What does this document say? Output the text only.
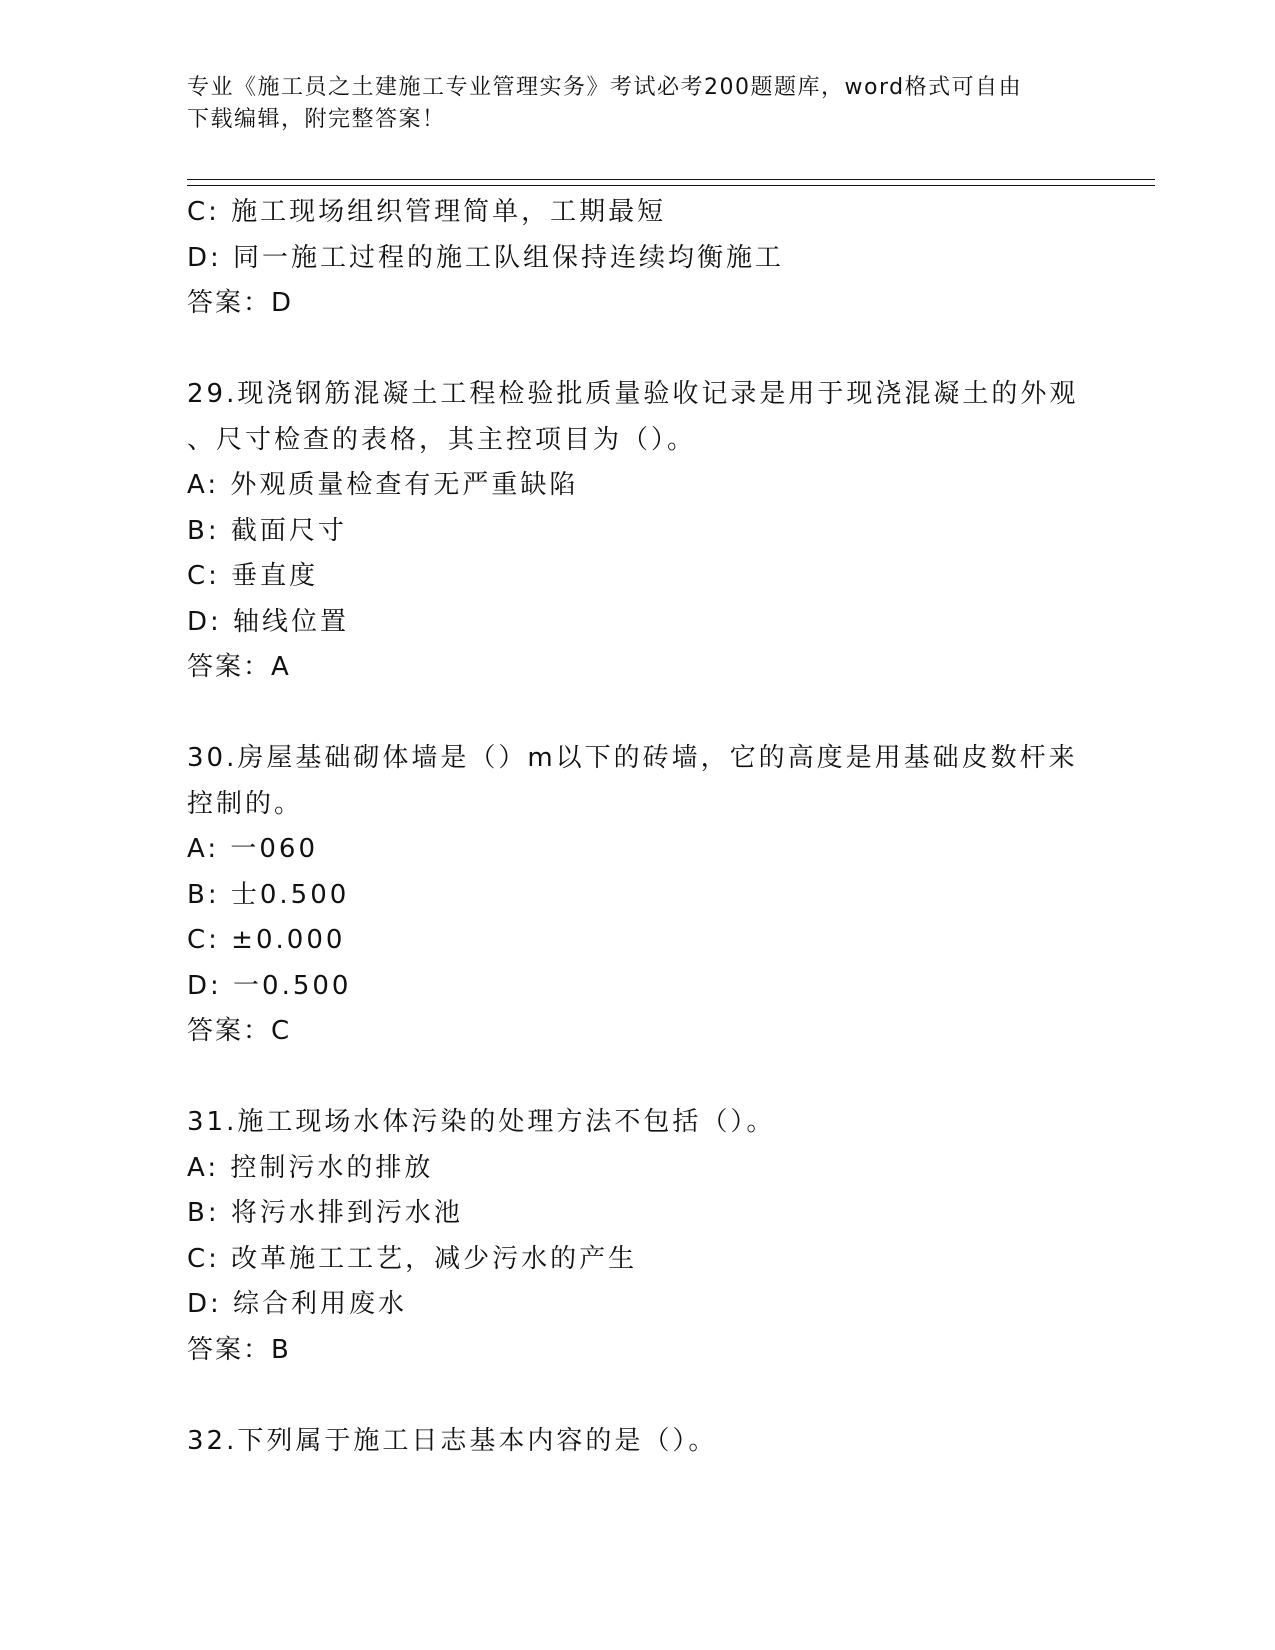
专业《施工员之土建施工专业管理实务》考试必考200题题库，word格式可自由
下载编辑，附完整答案！
C: 施工现场组织管理简单，工期最短
D: 同一施工过程的施工队组保持连续均衡施工
答案：D
29.现浇钢筋混凝土工程检验批质量验收记录是用于现浇混凝土的外观
、尺寸检查的表格，其主控项目为（）。
A: 外观质量检查有无严重缺陷
B: 截面尺寸
C: 垂直度
D: 轴线位置
答案：A
30.房屋基础砌体墙是（）m以下的砖墙，它的高度是用基础皮数杆来
控制的。
A: 一060
B: 士0.500
C: ±0.000
D: 一0.500
答案：C
31.施工现场水体污染的处理方法不包括（）。
A: 控制污水的排放
B: 将污水排到污水池
C: 改革施工工艺，减少污水的产生
D: 综合利用废水
答案：B
32.下列属于施工日志基本内容的是（）。
